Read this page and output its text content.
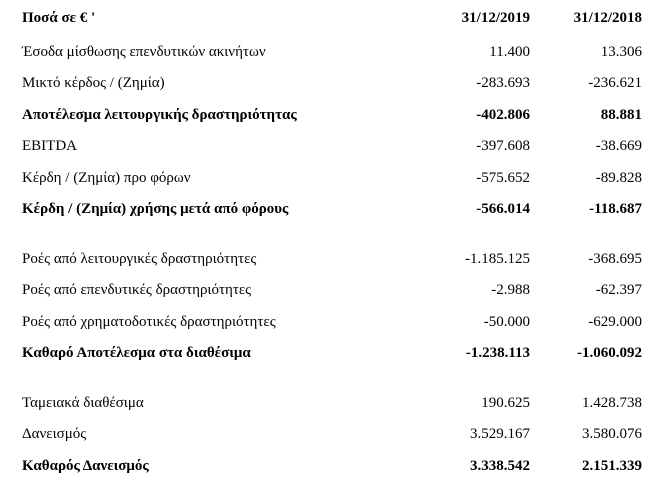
Ποσά σε € '	31/12/2019	31/12/2018
Έσοδα μίσθωσης επενδυτικών ακινήτων	11.400	13.306
Μικτό κέρδος / (Ζημία)	-283.693	-236.621
Αποτέλεσμα λειτουργικής δραστηριότητας	-402.806	88.881
EBITDA	-397.608	-38.669
Κέρδη / (Ζημία) προ φόρων	-575.652	-89.828
Κέρδη / (Ζημία) χρήσης μετά από φόρους	-566.014	-118.687

Ροές από λειτουργικές δραστηριότητες	-1.185.125	-368.695
Ροές από επενδυτικές δραστηριότητες	-2.988	-62.397
Ροές από χρηματοδοτικές δραστηριότητες	-50.000	-629.000
Καθαρό Αποτέλεσμα στα διαθέσιμα	-1.238.113	-1.060.092

Ταμειακά διαθέσιμα	190.625	1.428.738
Δανεισμός	3.529.167	3.580.076
Καθαρός Δανεισμός	3.338.542	2.151.339
